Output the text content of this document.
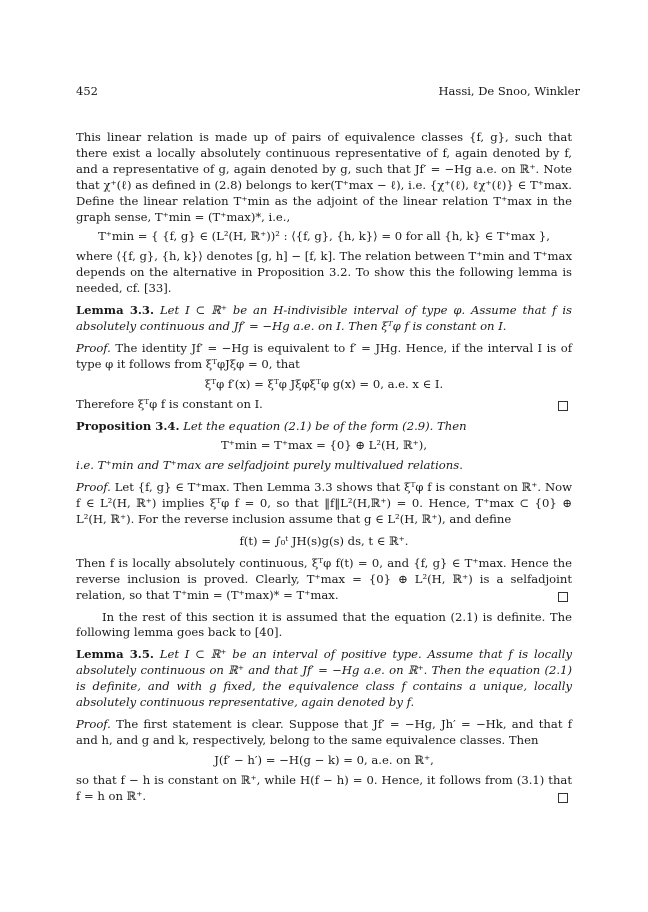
452	Hassi, De Snoo, Winkler

This linear relation is made up of pairs of equivalence classes {f, g}, such that there exist a locally absolutely continuous representative of f, again denoted by f, and a representative of g, again denoted by g, such that Jf′ = −Hg a.e. on ℝ⁺. Note that χ⁺(ℓ) as defined in (2.8) belongs to ker(T⁺max − ℓ), i.e. {χ⁺(ℓ), ℓχ⁺(ℓ)} ∈ T⁺max. Define the linear relation T⁺min as the adjoint of the linear relation T⁺max in the graph sense, T⁺min = (T⁺max)*, i.e.,

T⁺min = { {f, g} ∈ (L²(H, ℝ⁺))² : ⟨{f, g}, {h, k}⟩ = 0 for all {h, k} ∈ T⁺max },

where ⟨{f, g}, {h, k}⟩ denotes [g, h] − [f, k]. The relation between T⁺min and T⁺max depends on the alternative in Proposition 3.2. To show this the following lemma is needed, cf. [33].

Lemma 3.3. Let I ⊂ ℝ⁺ be an H-indivisible interval of type φ. Assume that f is absolutely continuous and Jf′ = −Hg a.e. on I. Then ξᵀφ f is constant on I.

Proof. The identity Jf′ = −Hg is equivalent to f′ = JHg. Hence, if the interval I is of type φ it follows from ξᵀφJξφ = 0, that

ξᵀφ f′(x) = ξᵀφ Jξφξᵀφ g(x) = 0, a.e. x ∈ I.

Therefore ξᵀφ f is constant on I.

Proposition 3.4. Let the equation (2.1) be of the form (2.9). Then

T⁺min = T⁺max = {0} ⊕ L²(H, ℝ⁺),

i.e. T⁺min and T⁺max are selfadjoint purely multivalued relations.

Proof. Let {f, g} ∈ T⁺max. Then Lemma 3.3 shows that ξᵀφ f is constant on ℝ⁺. Now f ∈ L²(H, ℝ⁺) implies ξᵀφ f = 0, so that ‖f‖L²(H,ℝ⁺) = 0. Hence, T⁺max ⊂ {0} ⊕ L²(H, ℝ⁺). For the reverse inclusion assume that g ∈ L²(H, ℝ⁺), and define

f(t) = ∫₀ᵗ JH(s)g(s) ds, t ∈ ℝ⁺.

Then f is locally absolutely continuous, ξᵀφ f(t) = 0, and {f, g} ∈ T⁺max. Hence the reverse inclusion is proved. Clearly, T⁺max = {0} ⊕ L²(H, ℝ⁺) is a selfadjoint relation, so that T⁺min = (T⁺max)* = T⁺max.

In the rest of this section it is assumed that the equation (2.1) is definite. The following lemma goes back to [40].

Lemma 3.5. Let I ⊂ ℝ⁺ be an interval of positive type. Assume that f is locally absolutely continuous on ℝ⁺ and that Jf′ = −Hg a.e. on ℝ⁺. Then the equation (2.1) is definite, and with g fixed, the equivalence class f contains a unique, locally absolutely continuous representative, again denoted by f.

Proof. The first statement is clear. Suppose that Jf′ = −Hg, Jh′ = −Hk, and that f and h, and g and k, respectively, belong to the same equivalence classes. Then

J(f′ − h′) = −H(g − k) = 0, a.e. on ℝ⁺,

so that f − h is constant on ℝ⁺, while H(f − h) = 0. Hence, it follows from (3.1) that f = h on ℝ⁺.
